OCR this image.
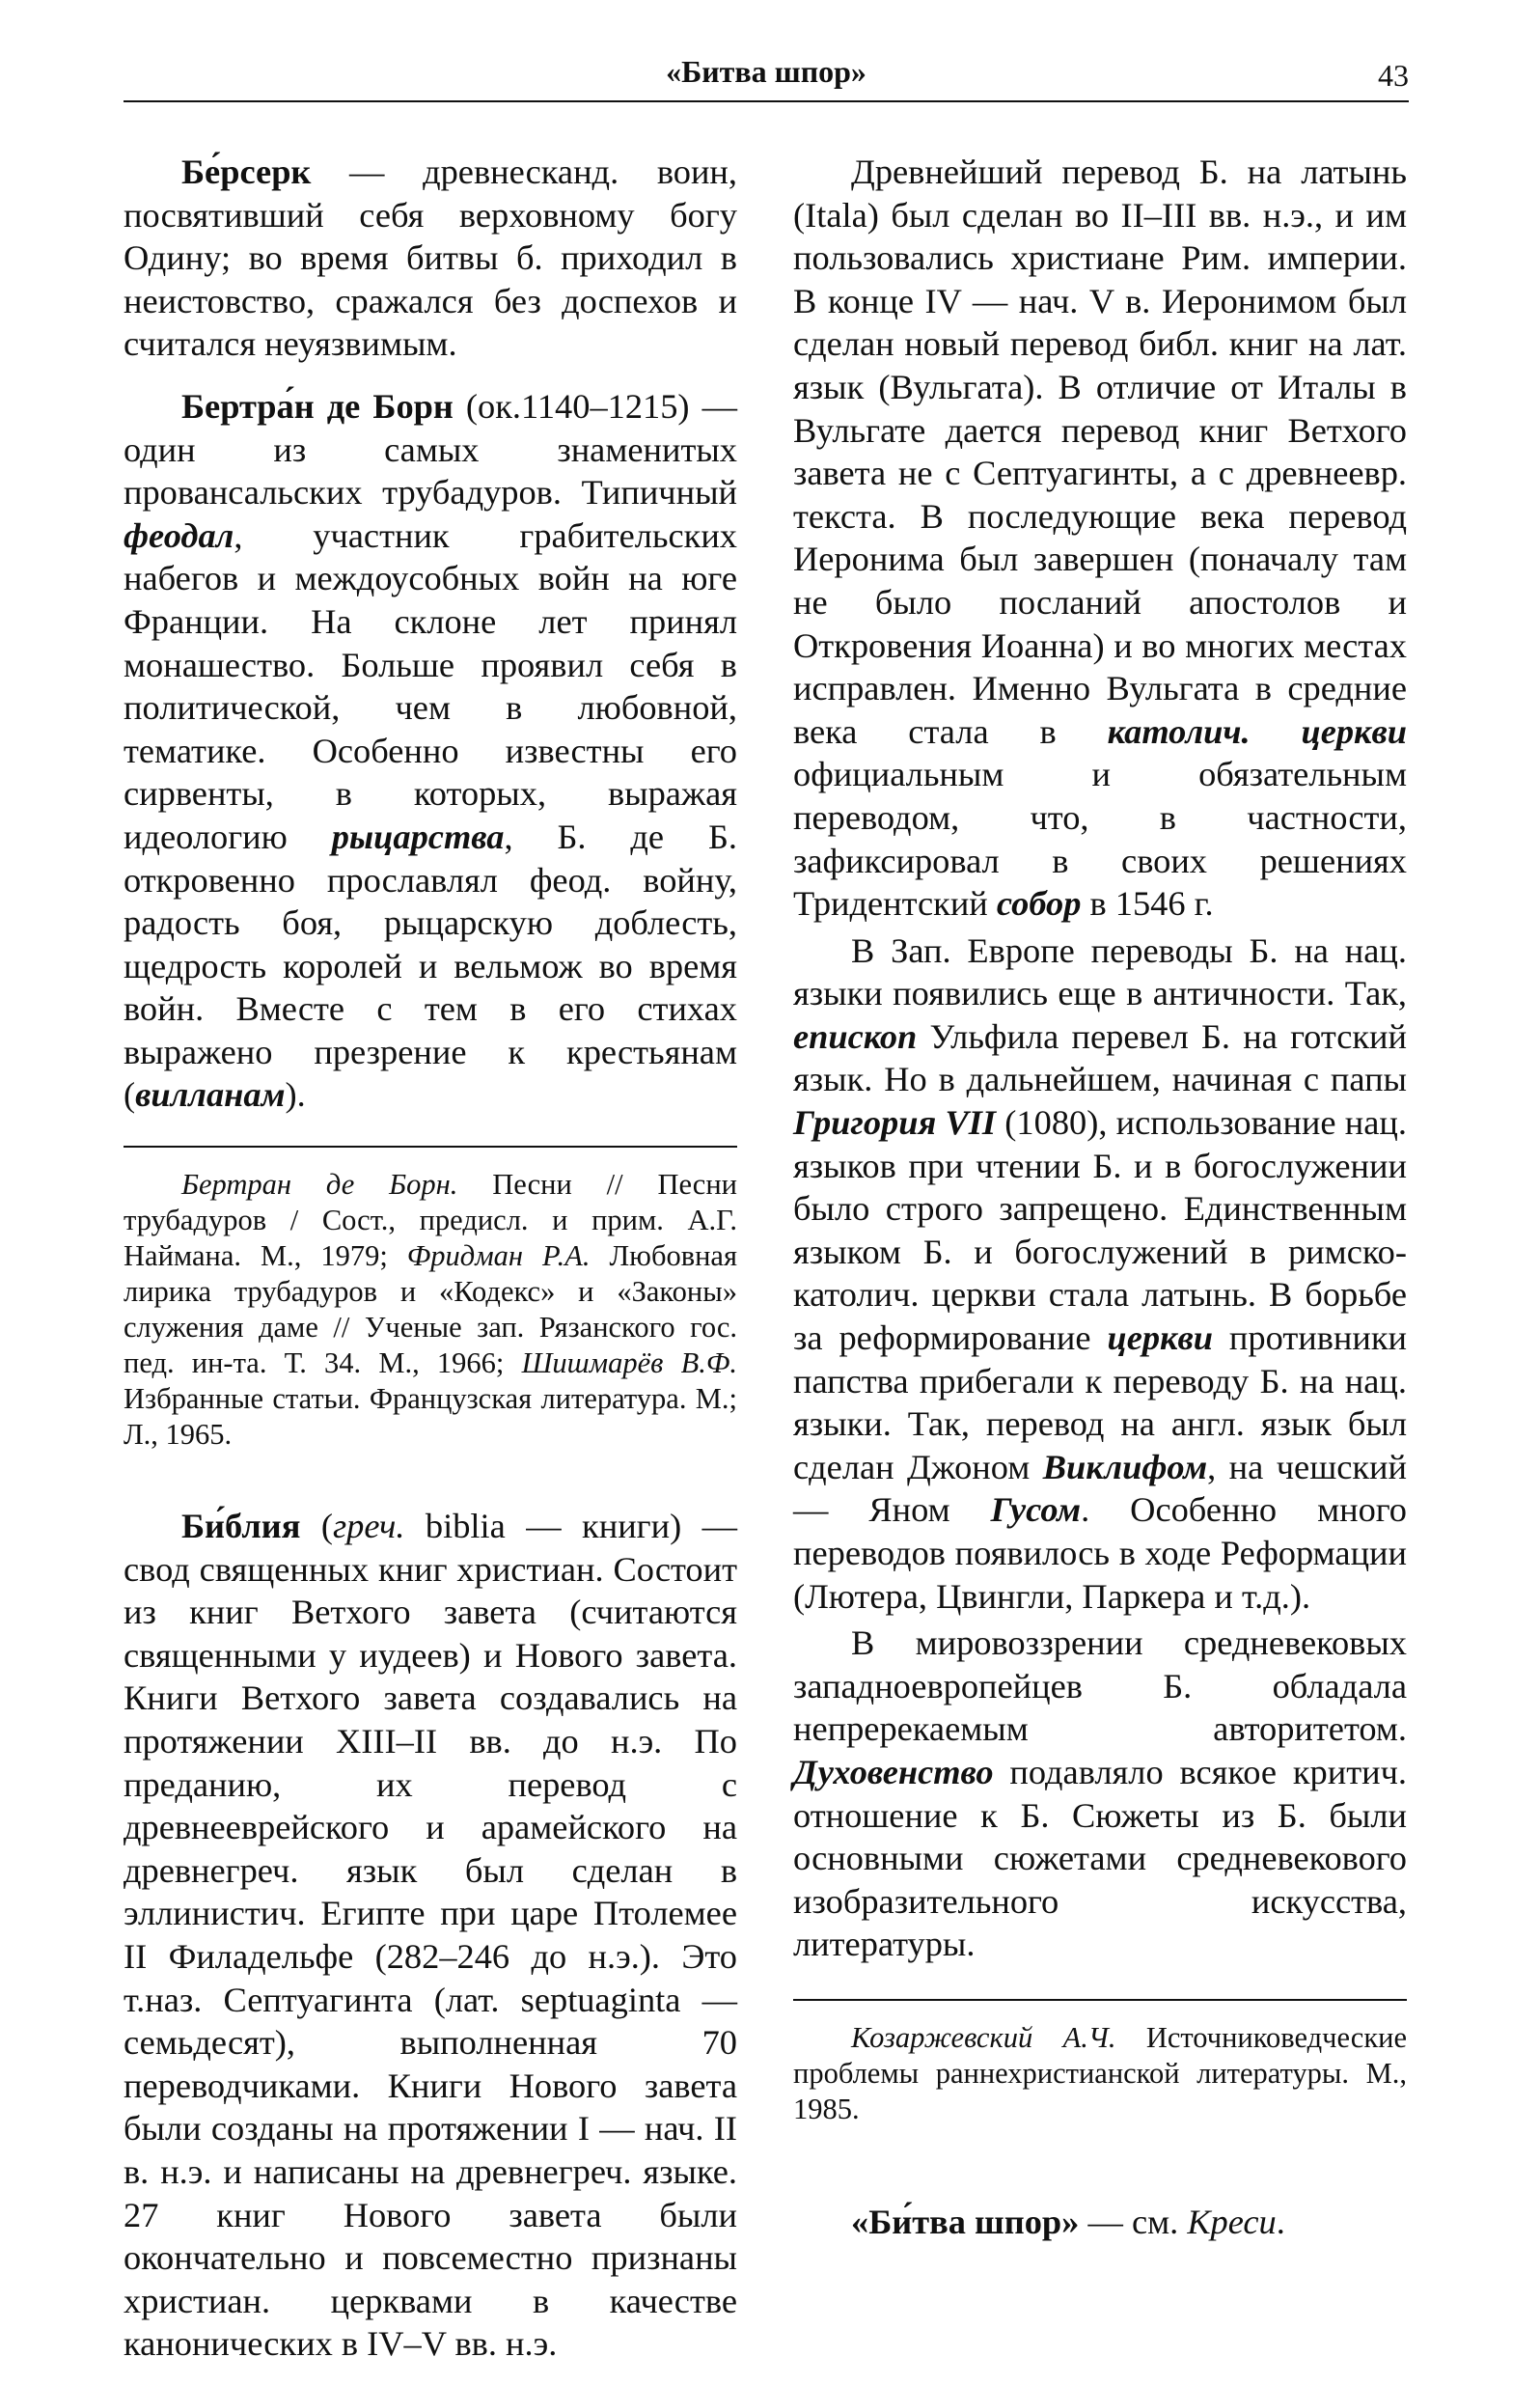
«Битва шпор»	43

Бе́рсерк — древнесканд. воин, посвятивший себя верховному богу Одину; во время битвы б. приходил в неистовство, сражался без доспехов и считался неуязвимым.

Бертра́н де Борн (ок.1140–1215) — один из самых знаменитых провансальских трубадуров. Типичный феодал, участник грабительских набегов и междоусобных войн на юге Франции. На склоне лет принял монашество. Больше проявил себя в политической, чем в любовной, тематике. Особенно известны его сирвенты, в которых, выражая идеологию рыцарства, Б. де Б. откровенно прославлял феод. войну, радость боя, рыцарскую доблесть, щедрость королей и вельмож во время войн. Вместе с тем в его стихах выражено презрение к крестьянам (вилланам).

Бертран де Борн. Песни // Песни трубадуров / Сост., предисл. и прим. А.Г. Наймана. М., 1979; Фридман Р.А. Любовная лирика трубадуров и «Кодекс» и «Законы» служения даме // Ученые зап. Рязанского гос. пед. ин-та. Т. 34. М., 1966; Шишмарёв В.Ф. Избранные статьи. Французская литература. М.; Л., 1965.

Би́блия (греч. biblia — книги) — свод священных книг христиан. Состоит из книг Ветхого завета (считаются священными у иудеев) и Нового завета. Книги Ветхого завета создавались на протяжении XIII–II вв. до н.э. По преданию, их перевод с древнееврейского и арамейского на древнегреч. язык был сделан в эллинистич. Египте при царе Птолемее II Филадельфе (282–246 до н.э.). Это т.наз. Септуагинта (лат. septuaginta — семьдесят), выполненная 70 переводчиками. Книги Нового завета были созданы на протяжении I — нач. II в. н.э. и написаны на древнегреч. языке. 27 книг Нового завета были окончательно и повсеместно признаны христиан. церквами в качестве канонических в IV–V вв. н.э.

Древнейший перевод Б. на латынь (Itala) был сделан во II–III вв. н.э., и им пользовались христиане Рим. империи. В конце IV — нач. V в. Иеронимом был сделан новый перевод библ. книг на лат. язык (Вульгата). В отличие от Италы в Вульгате дается перевод книг Ветхого завета не с Септуагинты, а с древнеевр. текста. В последующие века перевод Иеронима был завершен (поначалу там не было посланий апостолов и Откровения Иоанна) и во многих местах исправлен. Именно Вульгата в средние века стала в католич. церкви официальным и обязательным переводом, что, в частности, зафиксировал в своих решениях Тридентский собор в 1546 г.

В Зап. Европе переводы Б. на нац. языки появились еще в античности. Так, епископ Ульфила перевел Б. на готский язык. Но в дальнейшем, начиная с папы Григория VII (1080), использование нац. языков при чтении Б. и в богослужении было строго запрещено. Единственным языком Б. и богослужений в римско-католич. церкви стала латынь. В борьбе за реформирование церкви противники папства прибегали к переводу Б. на нац. языки. Так, перевод на англ. язык был сделан Джоном Виклифом, на чешский — Яном Гусом. Особенно много переводов появилось в ходе Реформации (Лютера, Цвингли, Паркера и т.д.).

В мировоззрении средневековых западноевропейцев Б. обладала непререкаемым авторитетом. Духовенство подавляло всякое критич. отношение к Б. Сюжеты из Б. были основными сюжетами средневекового изобразительного искусства, литературы.

Козаржевский А.Ч. Источниковедческие проблемы раннехристианской литературы. М., 1985.

«Би́тва шпор» — см. Креси.
